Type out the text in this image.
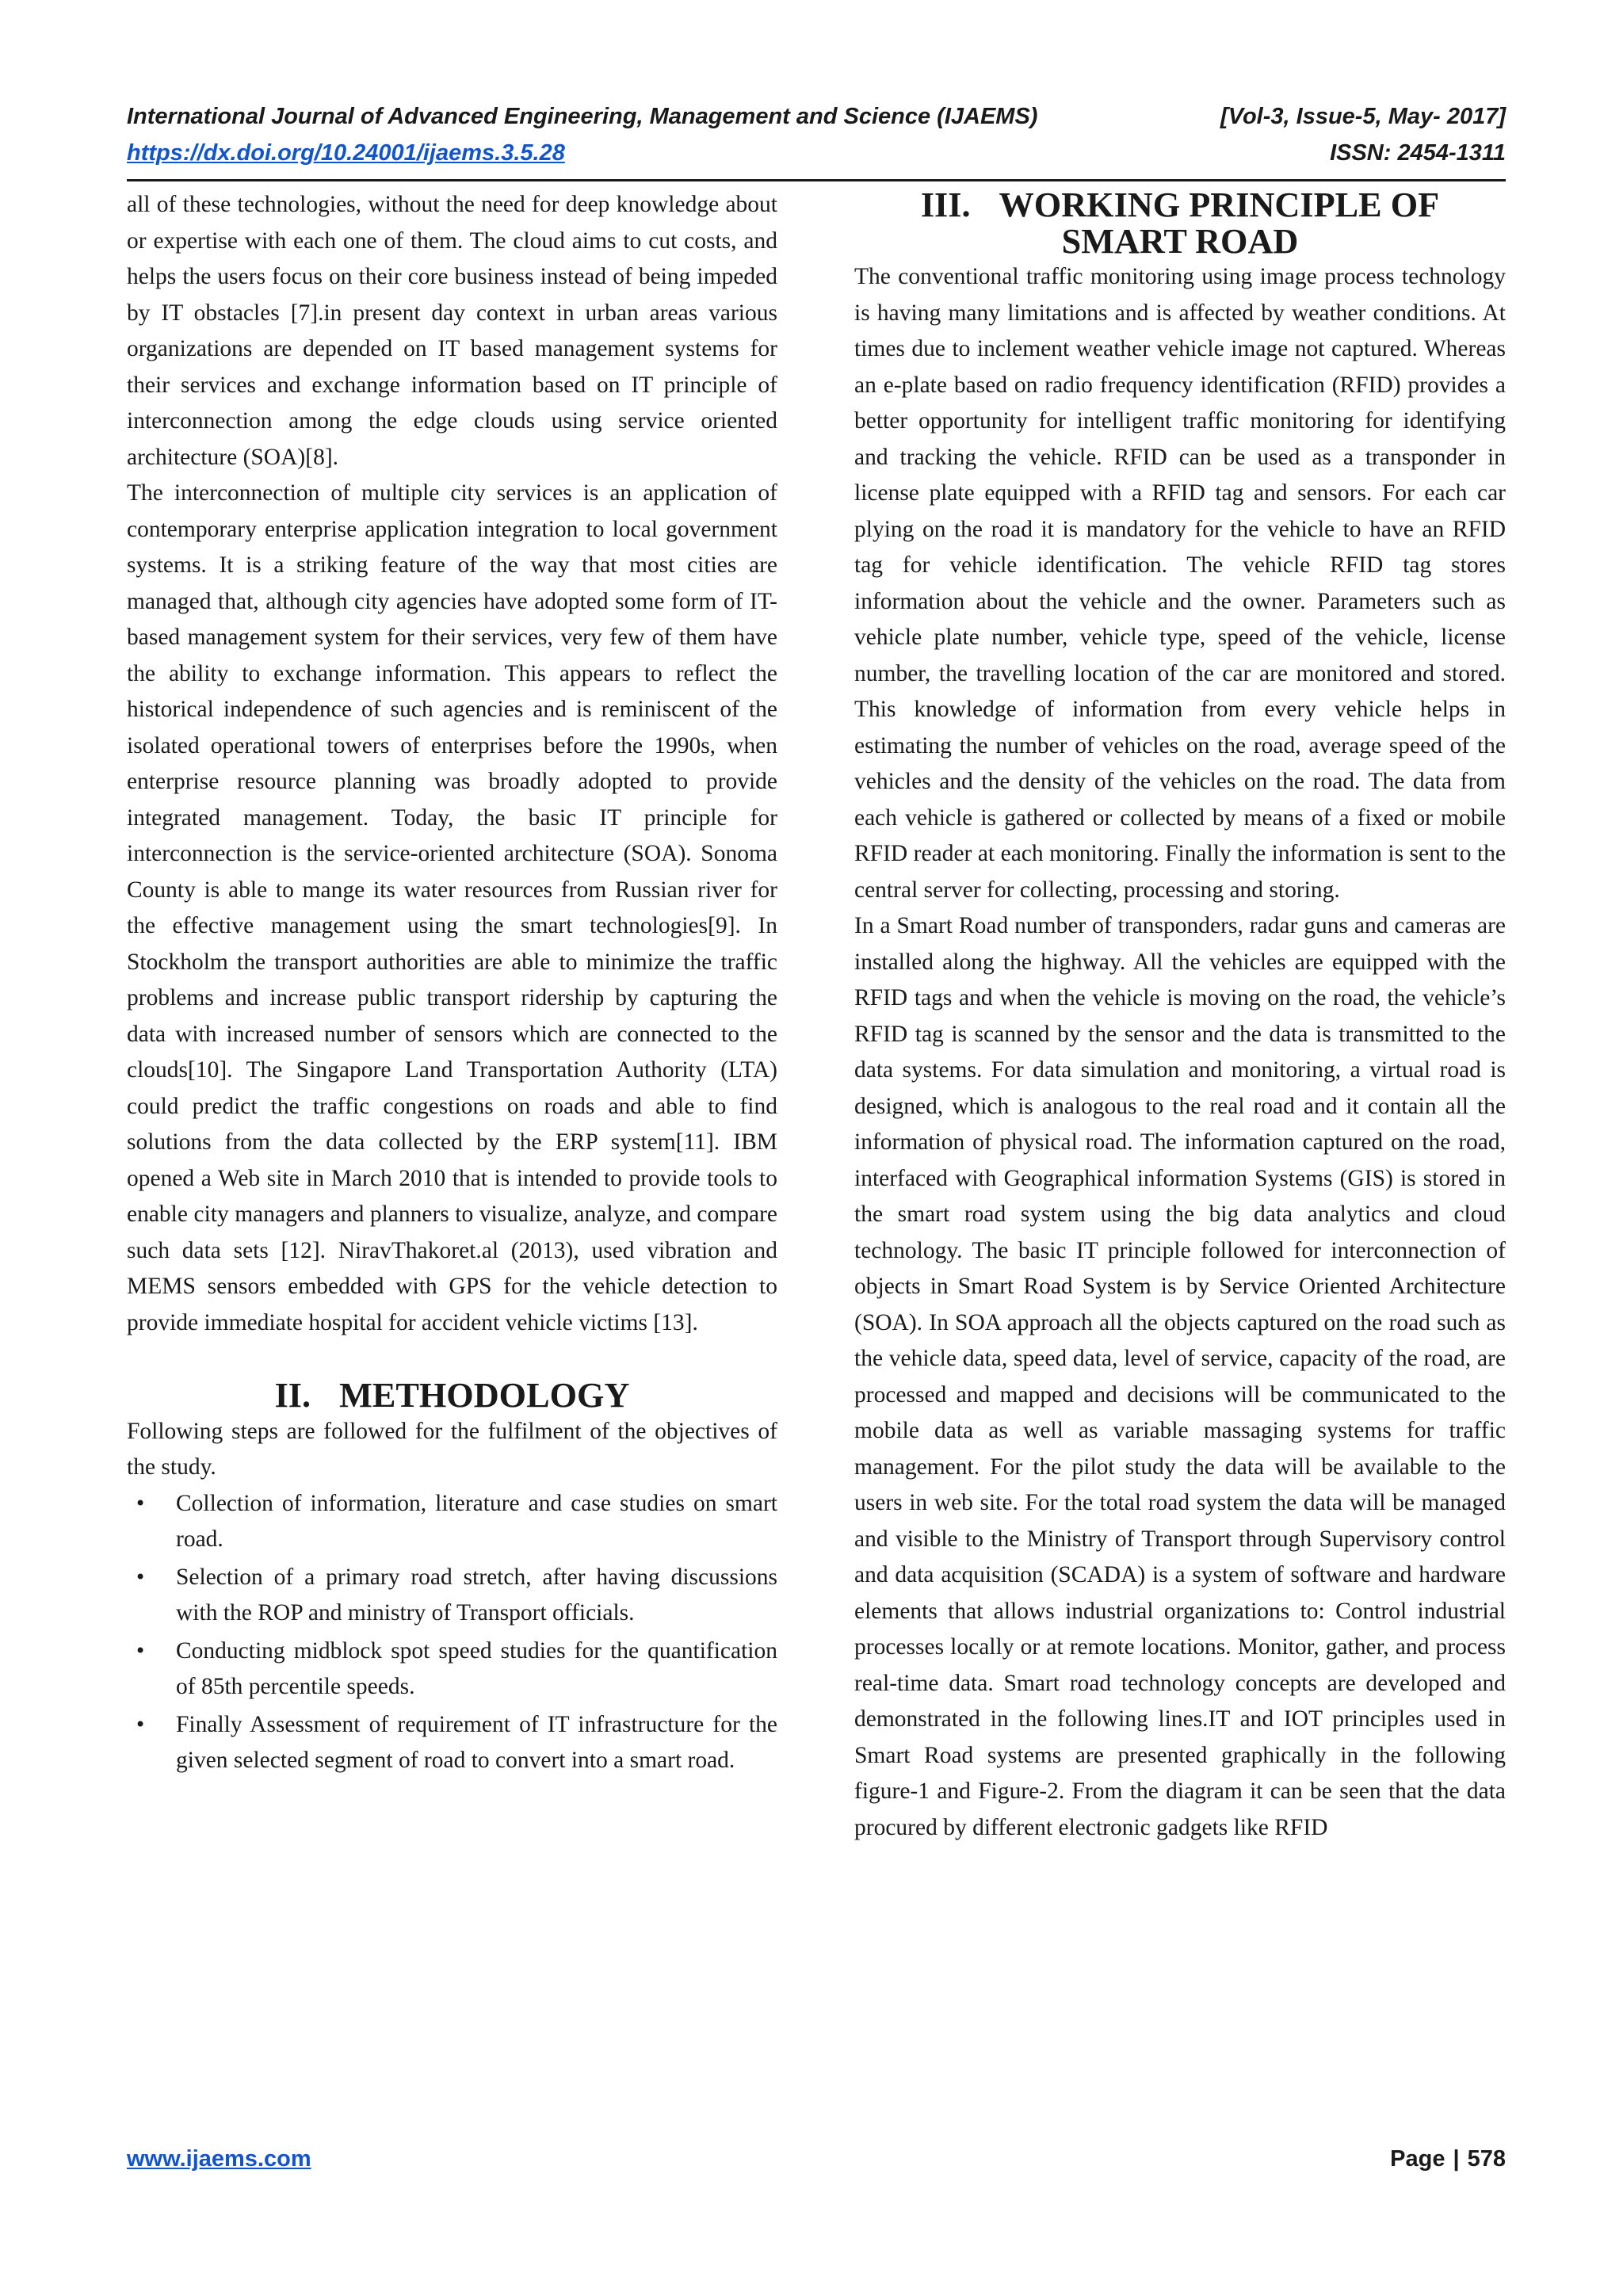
International Journal of Advanced Engineering, Management and Science (IJAEMS)	[Vol-3, Issue-5, May- 2017]
https://dx.doi.org/10.24001/ijaems.3.5.28	ISSN: 2454-1311

all of these technologies, without the need for deep knowledge about or expertise with each one of them. The cloud aims to cut costs, and helps the users focus on their core business instead of being impeded by IT obstacles [7].in present day context in urban areas various organizations are depended on IT based management systems for their services and exchange information based on IT principle of interconnection among the edge clouds using service oriented architecture (SOA)[8].

The interconnection of multiple city services is an application of contemporary enterprise application integration to local government systems. It is a striking feature of the way that most cities are managed that, although city agencies have adopted some form of IT-based management system for their services, very few of them have the ability to exchange information. This appears to reflect the historical independence of such agencies and is reminiscent of the isolated operational towers of enterprises before the 1990s, when enterprise resource planning was broadly adopted to provide integrated management. Today, the basic IT principle for interconnection is the service-oriented architecture (SOA). Sonoma County is able to mange its water resources from Russian river for the effective management using the smart technologies[9]. In Stockholm the transport authorities are able to minimize the traffic problems and increase public transport ridership by capturing the data with increased number of sensors which are connected to the clouds[10]. The Singapore Land Transportation Authority (LTA) could predict the traffic congestions on roads and able to find solutions from the data collected by the ERP system[11]. IBM opened a Web site in March 2010 that is intended to provide tools to enable city managers and planners to visualize, analyze, and compare such data sets [12]. NiravThakoret.al (2013), used vibration and MEMS sensors embedded with GPS for the vehicle detection to provide immediate hospital for accident vehicle victims [13].

II. METHODOLOGY

Following steps are followed for the fulfilment of the objectives of the study.

• Collection of information, literature and case studies on smart road.
• Selection of a primary road stretch, after having discussions with the ROP and ministry of Transport officials.
• Conducting midblock spot speed studies for the quantification of 85th percentile speeds.
• Finally Assessment of requirement of IT infrastructure for the given selected segment of road to convert into a smart road.
III. WORKING PRINCIPLE OF SMART ROAD

The conventional traffic monitoring using image process technology is having many limitations and is affected by weather conditions. At times due to inclement weather vehicle image not captured. Whereas an e-plate based on radio frequency identification (RFID) provides a better opportunity for intelligent traffic monitoring for identifying and tracking the vehicle. RFID can be used as a transponder in license plate equipped with a RFID tag and sensors. For each car plying on the road it is mandatory for the vehicle to have an RFID tag for vehicle identification. The vehicle RFID tag stores information about the vehicle and the owner. Parameters such as vehicle plate number, vehicle type, speed of the vehicle, license number, the travelling location of the car are monitored and stored. This knowledge of information from every vehicle helps in estimating the number of vehicles on the road, average speed of the vehicles and the density of the vehicles on the road. The data from each vehicle is gathered or collected by means of a fixed or mobile RFID reader at each monitoring. Finally the information is sent to the central server for collecting, processing and storing.

In a Smart Road number of transponders, radar guns and cameras are installed along the highway. All the vehicles are equipped with the RFID tags and when the vehicle is moving on the road, the vehicle’s RFID tag is scanned by the sensor and the data is transmitted to the data systems. For data simulation and monitoring, a virtual road is designed, which is analogous to the real road and it contain all the information of physical road. The information captured on the road, interfaced with Geographical information Systems (GIS) is stored in the smart road system using the big data analytics and cloud technology. The basic IT principle followed for interconnection of objects in Smart Road System is by Service Oriented Architecture (SOA). In SOA approach all the objects captured on the road such as the vehicle data, speed data, level of service, capacity of the road, are processed and mapped and decisions will be communicated to the mobile data as well as variable massaging systems for traffic management. For the pilot study the data will be available to the users in web site. For the total road system the data will be managed and visible to the Ministry of Transport through Supervisory control and data acquisition (SCADA) is a system of software and hardware elements that allows industrial organizations to: Control industrial processes locally or at remote locations. Monitor, gather, and process real-time data. Smart road technology concepts are developed and demonstrated in the following lines.IT and IOT principles used in Smart Road systems are presented graphically in the following figure-1 and Figure-2. From the diagram it can be seen that the data procured by different electronic gadgets like RFID

www.ijaems.com	Page | 578
